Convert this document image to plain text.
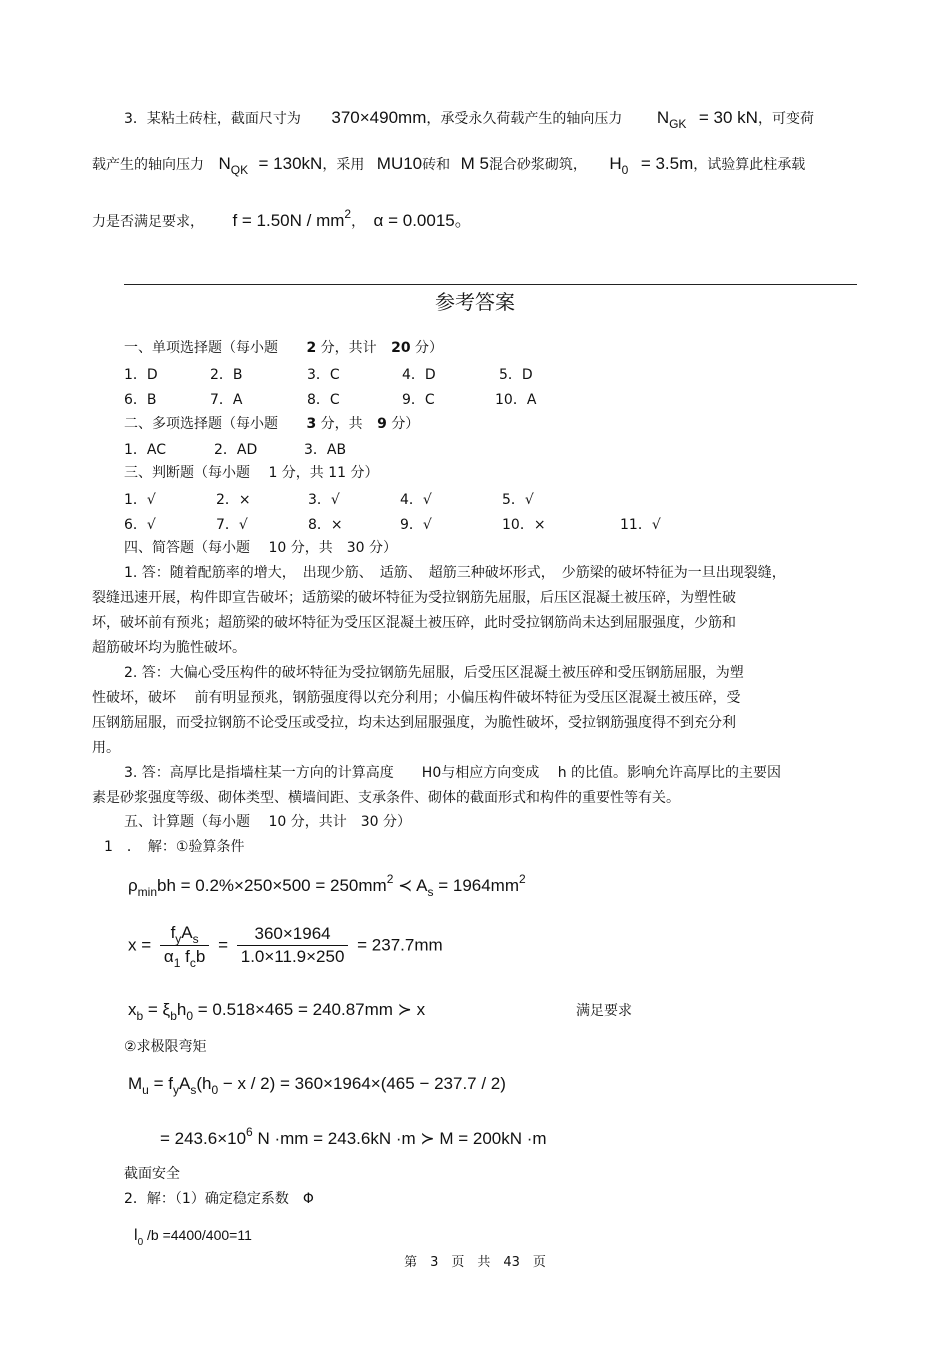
3．某粘土砖柱，截面尺寸为 370×490mm，承受永久荷载产生的轴向压力 NGK = 30 kN，可变荷
载产生的轴向压力 NQK = 130kN，采用 MU10砖和 M 5混合砂浆砌筑， H0 = 3.5m，试验算此柱承载
力是否满足要求， f = 1.50N / mm2， α = 0.0015。
参考答案
一、单项选择题（每小题 2 分，共计 20 分）
1．D	2．B	3．C	4．D	5．D
6．B	7．A	8．C	9．C	10．A
二、多项选择题（每小题 3 分，共 9 分）
1．AC	2．AD	3．AB
三、判断题（每小题　 1 分，共 11 分）
1．√	2．×	3．√	4．√	5．√
6．√	7．√	8．×	9．√	10．×	11．√
四、简答题（每小题　 10 分，共　30 分）
1. 答：随着配筋率的增大，　出现少筋、　适筋、　超筋三种破坏形式，　少筋梁的破坏特征为一旦出现裂缝，
裂缝迅速开展，构件即宣告破坏；适筋梁的破坏特征为受拉钢筋先屈服，后压区混凝土被压碎，为塑性破
坏，破坏前有预兆；超筋梁的破坏特征为受压区混凝土被压碎，此时受拉钢筋尚未达到屈服强度，少筋和
超筋破坏均为脆性破坏。
2. 答：大偏心受压构件的破坏特征为受拉钢筋先屈服，后受压区混凝土被压碎和受压钢筋屈服，为塑
性破坏，破坏　 前有明显预兆，钢筋强度得以充分利用；小偏压构件破坏特征为受压区混凝土被压碎，受
压钢筋屈服，而受拉钢筋不论受压或受拉，均未达到屈服强度，为脆性破坏，受拉钢筋强度得不到充分利
用。
3. 答：高厚比是指墙柱某一方向的计算高度　　H0与相应方向变成　 h 的比值。影响允许高厚比的主要因
素是砂浆强度等级、砌体类型、横墙间距、支承条件、砌体的截面形式和构件的重要性等有关。
五、计算题（每小题　 10 分，共计　30 分）
1　．　解：①验算条件
$\rho_{min}bh = 0.2\%\times 250\times 500 = 250mm^2$ ≺ $A_s = 1964mm^2$
$x = \frac{f_yA_s}{\alpha_1 f_cb} = \frac{360\times 1964}{1.0\times 11.9\times 250} = 237.7mm$
$x_b = \xi_bh_0 = 0.518\times 465 = 240.87mm$ ≻ x	满足要求
②求极限弯矩
$M_u = f_yA_s(h_0 - x / 2) = 360\times 1964\times(465 - 237.7 / 2)$
= $243.6\times 10^6$ N ·mm = 243.6kN ·m ≻ M = 200kN ·m
截面安全
2．解：（1）确定稳定系数　Φ
$l_0$ /b =4400/400=11
第　3　页　共　43　页
